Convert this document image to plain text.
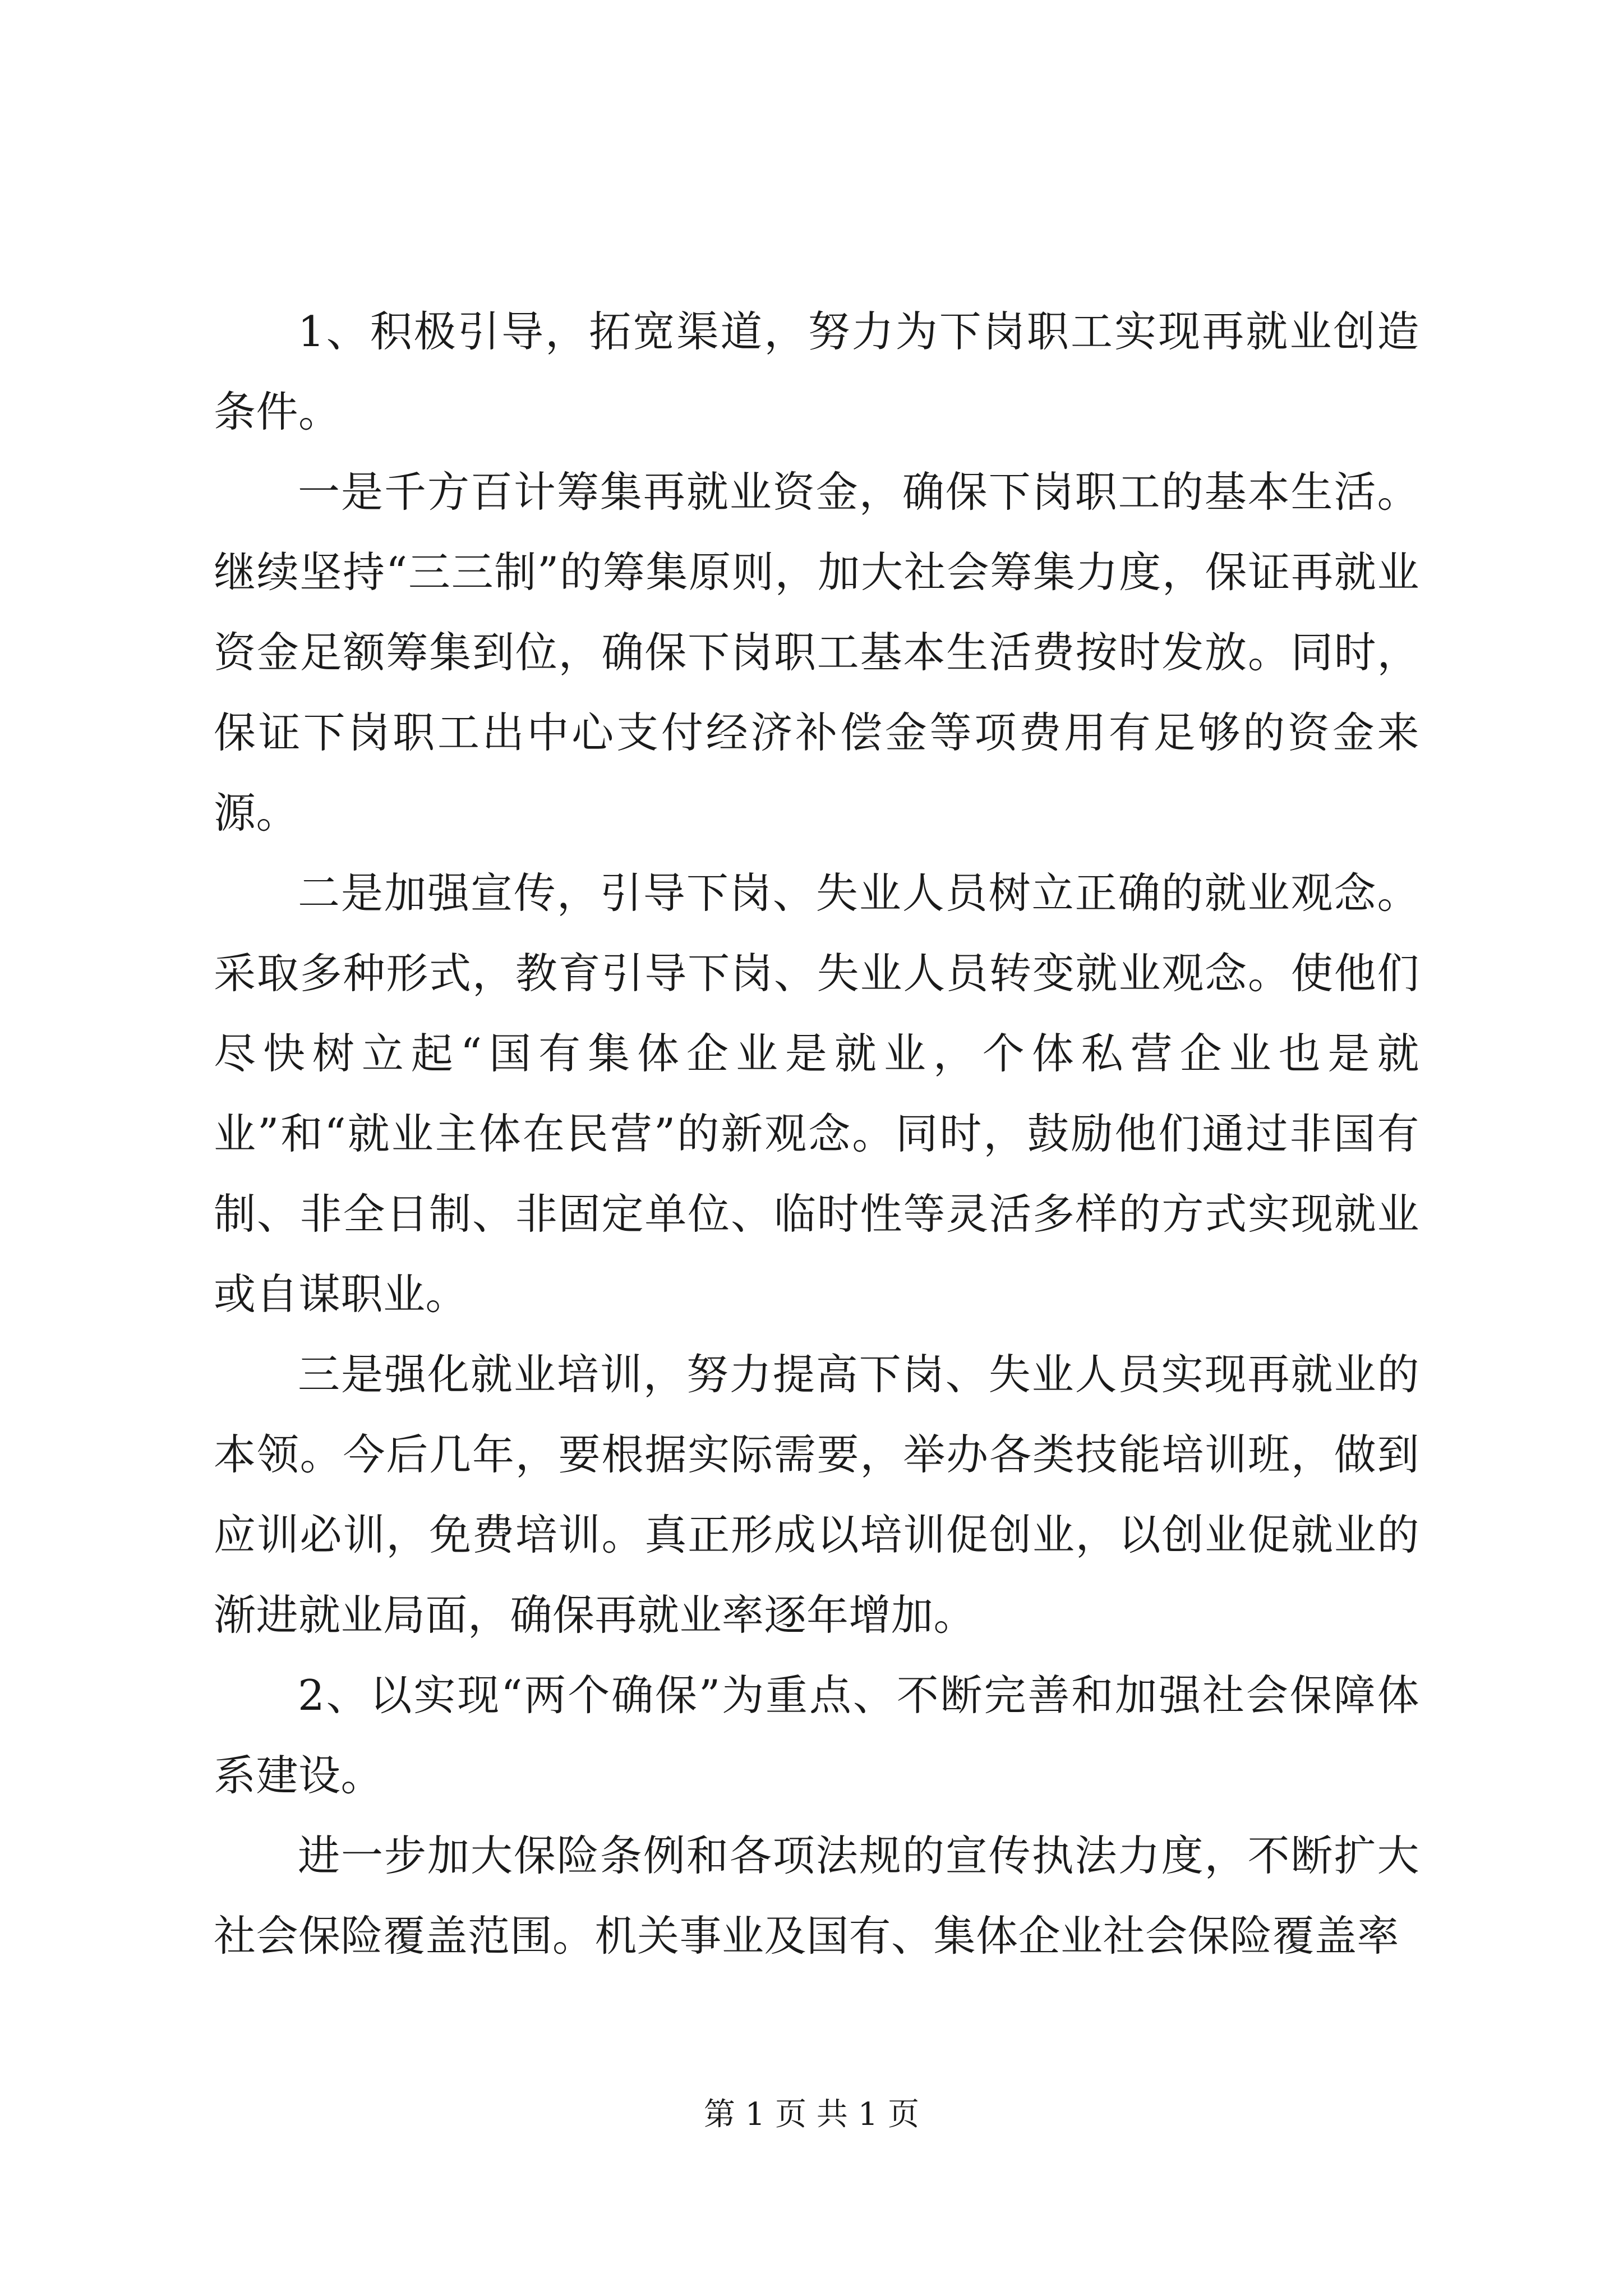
1、积极引导，拓宽渠道，努力为下岗职工实现再就业创造条件。

一是千方百计筹集再就业资金，确保下岗职工的基本生活。继续坚持“三三制”的筹集原则，加大社会筹集力度，保证再就业资金足额筹集到位，确保下岗职工基本生活费按时发放。同时，保证下岗职工出中心支付经济补偿金等项费用有足够的资金来源。

二是加强宣传，引导下岗、失业人员树立正确的就业观念。采取多种形式，教育引导下岗、失业人员转变就业观念。使他们尽快树立起“国有集体企业是就业，个体私营企业也是就业”和“就业主体在民营”的新观念。同时，鼓励他们通过非国有制、非全日制、非固定单位、临时性等灵活多样的方式实现就业或自谋职业。

三是强化就业培训，努力提高下岗、失业人员实现再就业的本领。今后几年，要根据实际需要，举办各类技能培训班，做到应训必训，免费培训。真正形成以培训促创业，以创业促就业的渐进就业局面，确保再就业率逐年增加。

2、以实现“两个确保”为重点、不断完善和加强社会保障体系建设。

进一步加大保险条例和各项法规的宣传执法力度，不断扩大社会保险覆盖范围。机关事业及国有、集体企业社会保险覆盖率

第 1 页 共 1 页
